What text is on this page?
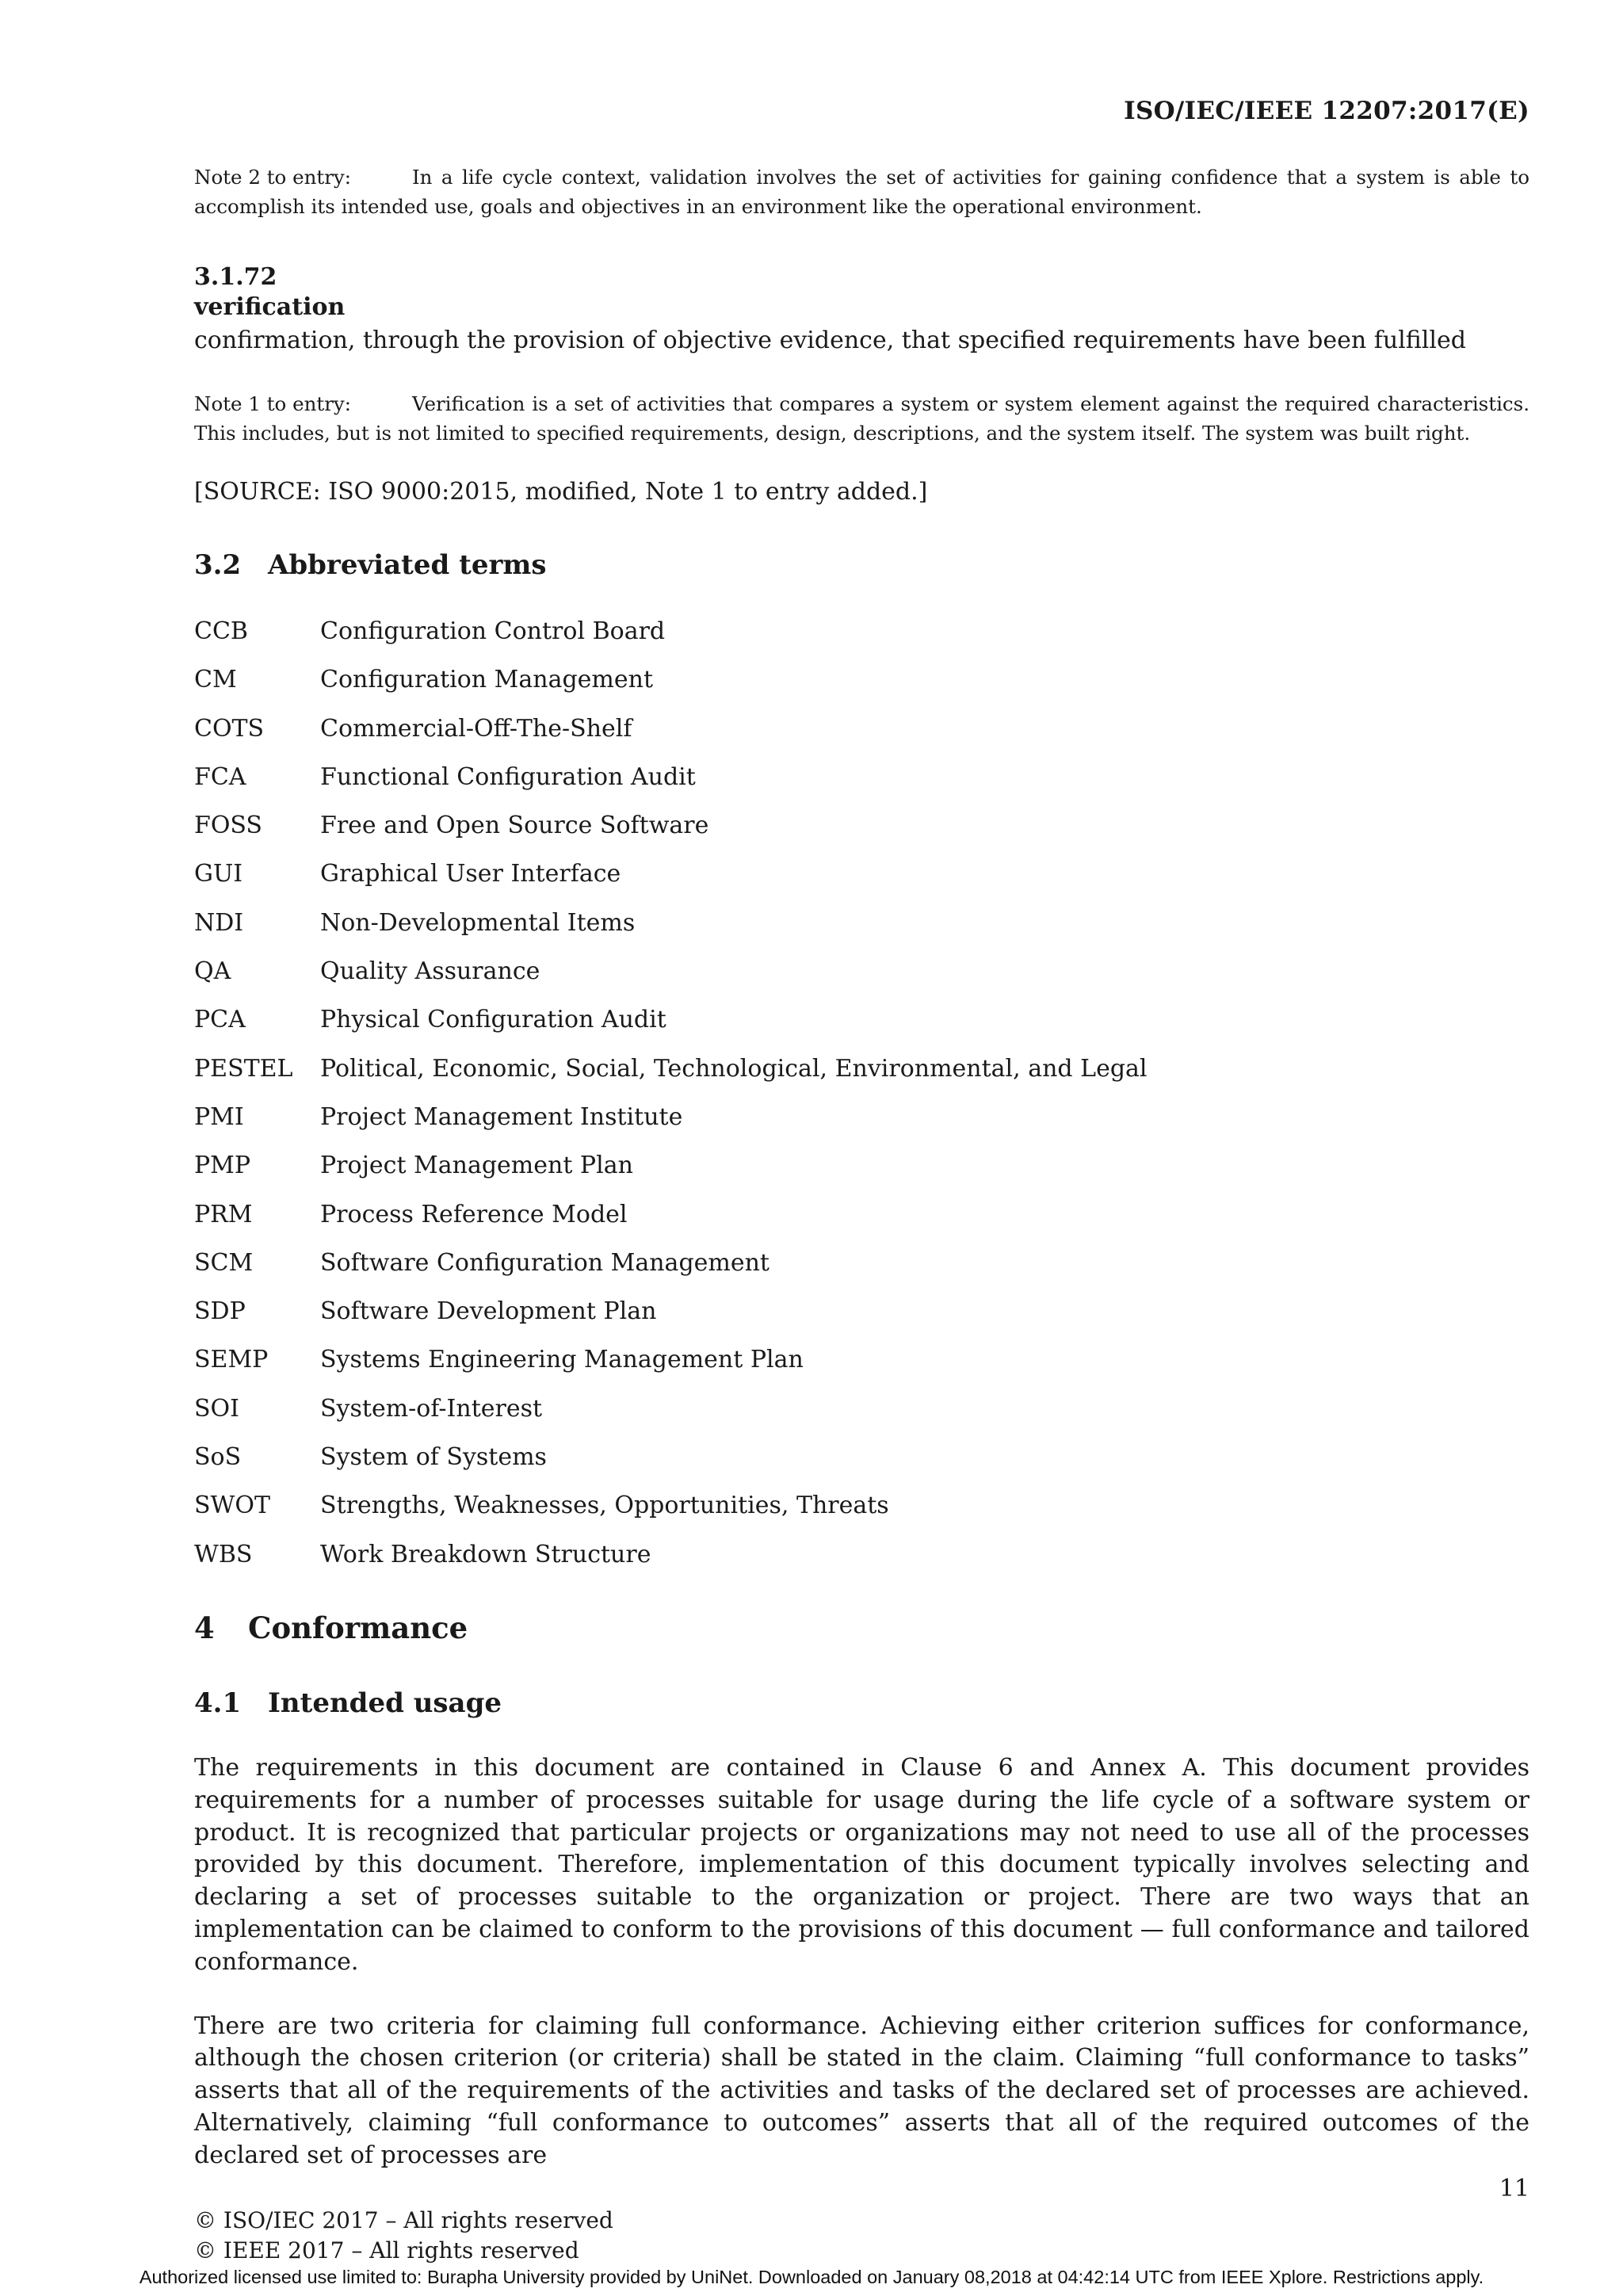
ISO/IEC/IEEE 12207:2017(E)

Note 2 to entry:	In a life cycle context, validation involves the set of activities for gaining confidence that a system is able to accomplish its intended use, goals and objectives in an environment like the operational environment.

3.1.72
verification
confirmation, through the provision of objective evidence, that specified requirements have been fulfilled

Note 1 to entry:	Verification is a set of activities that compares a system or system element against the required characteristics. This includes, but is not limited to specified requirements, design, descriptions, and the system itself. The system was built right.

[SOURCE: ISO 9000:2015, modified, Note 1 to entry added.]
3.2 Abbreviated terms
CCB	Configuration Control Board
CM	Configuration Management
COTS Commercial-Off-The-Shelf
FCA	Functional Configuration Audit
FOSS Free and Open Source Software
GUI	Graphical User Interface
NDI	Non-Developmental Items
QA	Quality Assurance
PCA	Physical Configuration Audit
PESTEL Political, Economic, Social, Technological, Environmental, and Legal
PMI	Project Management Institute
PMP	Project Management Plan
PRM	Process Reference Model
SCM	Software Configuration Management
SDP	Software Development Plan
SEMP Systems Engineering Management Plan
SOI	System-of-Interest
SoS	System of Systems
SWOT Strengths, Weaknesses, Opportunities, Threats
WBS	Work Breakdown Structure
4 Conformance
4.1 Intended usage

The requirements in this document are contained in Clause 6 and Annex A. This document provides requirements for a number of processes suitable for usage during the life cycle of a software system or product. It is recognized that particular projects or organizations may not need to use all of the processes provided by this document. Therefore, implementation of this document typically involves selecting and declaring a set of processes suitable to the organization or project. There are two ways that an implementation can be claimed to conform to the provisions of this document — full conformance and tailored conformance.

There are two criteria for claiming full conformance. Achieving either criterion suffices for conformance, although the chosen criterion (or criteria) shall be stated in the claim. Claiming “full conformance to tasks” asserts that all of the requirements of the activities and tasks of the declared set of processes are achieved. Alternatively, claiming “full conformance to outcomes” asserts that all of the required outcomes of the declared set of processes are

11
© ISO/IEC 2017 – All rights reserved
© IEEE 2017 – All rights reserved
Authorized licensed use limited to: Burapha University provided by UniNet. Downloaded on January 08,2018 at 04:42:14 UTC from IEEE Xplore. Restrictions apply.
